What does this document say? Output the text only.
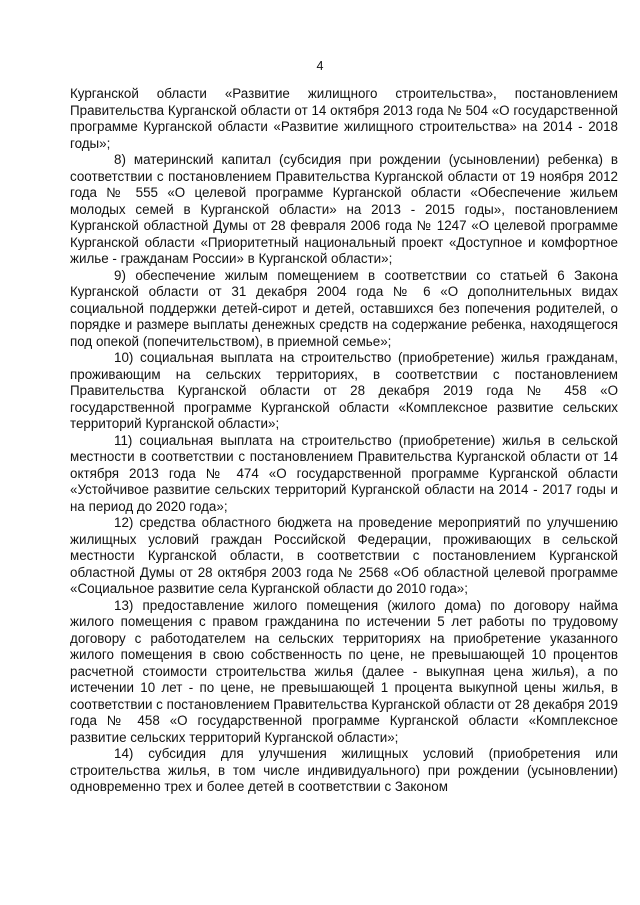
4

Курганской области «Развитие жилищного строительства», постановлением Правительства Курганской области от 14 октября 2013 года № 504 «О государственной программе Курганской области «Развитие жилищного строительства» на 2014 - 2018 годы»;

8) материнский капитал (субсидия при рождении (усыновлении) ребенка) в соответствии с постановлением Правительства Курганской области от 19 ноября 2012 года № 555 «О целевой программе Курганской области «Обеспечение жильем молодых семей в Курганской области» на 2013 - 2015 годы», постановлением Курганской областной Думы от 28 февраля 2006 года № 1247 «О целевой программе Курганской области «Приоритетный национальный проект «Доступное и комфортное жилье - гражданам России» в Курганской области»;

9) обеспечение жилым помещением в соответствии со статьей 6 Закона Курганской области от 31 декабря 2004 года № 6 «О дополнительных видах социальной поддержки детей-сирот и детей, оставшихся без попечения родителей, о порядке и размере выплаты денежных средств на содержание ребенка, находящегося под опекой (попечительством), в приемной семье»;

10) социальная выплата на строительство (приобретение) жилья гражданам, проживающим на сельских территориях, в соответствии с постановлением Правительства Курганской области от 28 декабря 2019 года № 458 «О государственной программе Курганской области «Комплексное развитие сельских территорий Курганской области»;

11) социальная выплата на строительство (приобретение) жилья в сельской местности в соответствии с постановлением Правительства Курганской области от 14 октября 2013 года № 474 «О государственной программе Курганской области «Устойчивое развитие сельских территорий Курганской области на 2014 - 2017 годы и на период до 2020 года»;

12) средства областного бюджета на проведение мероприятий по улучшению жилищных условий граждан Российской Федерации, проживающих в сельской местности Курганской области, в соответствии с постановлением Курганской областной Думы от 28 октября 2003 года № 2568 «Об областной целевой программе «Социальное развитие села Курганской области до 2010 года»;

13) предоставление жилого помещения (жилого дома) по договору найма жилого помещения с правом гражданина по истечении 5 лет работы по трудовому договору с работодателем на сельских территориях на приобретение указанного жилого помещения в свою собственность по цене, не превышающей 10 процентов расчетной стоимости строительства жилья (далее - выкупная цена жилья), а по истечении 10 лет - по цене, не превышающей 1 процента выкупной цены жилья, в соответствии с постановлением Правительства Курганской области от 28 декабря 2019 года № 458 «О государственной программе Курганской области «Комплексное развитие сельских территорий Курганской области»;

14) субсидия для улучшения жилищных условий (приобретения или строительства жилья, в том числе индивидуального) при рождении (усыновлении) одновременно трех и более детей в соответствии с Законом
